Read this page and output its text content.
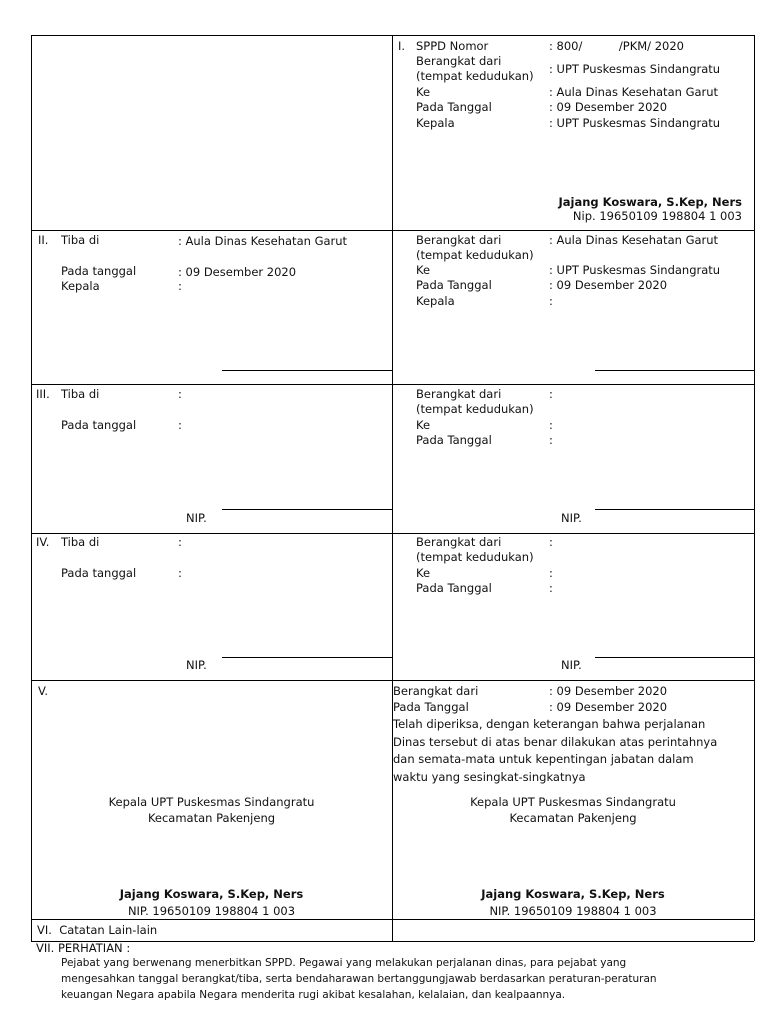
I. SPPD Nomor	: 800/          /PKM/ 2020
Berangkat dari
(tempat kedudukan) : UPT Puskesmas Sindangratu
Ke	: Aula Dinas Kesehatan Garut
Pada Tanggal	: 09 Desember 2020
Kepala	: UPT Puskesmas Sindangratu
Jajang Koswara, S.Kep, Ners
Nip. 19650109 198804 1 003
II. Tiba di	: Aula Dinas Kesehatan Garut
Pada tanggal	: 09 Desember 2020
Kepala	:
Berangkat dari	: Aula Dinas Kesehatan Garut
(tempat kedudukan)
Ke	: UPT Puskesmas Sindangratu
Pada Tanggal	: 09 Desember 2020
Kepala	:
III. Tiba di	:
Pada tanggal	:
NIP.
Berangkat dari	:
(tempat kedudukan)
Ke	:
Pada Tanggal	:
NIP.
IV. Tiba di	:
Pada tanggal	:
NIP.
Berangkat dari	:
(tempat kedudukan)
Ke	:
Pada Tanggal	:
NIP.
V.	Berangkat dari	: 09 Desember 2020
Pada Tanggal	: 09 Desember 2020
Telah diperiksa, dengan keterangan bahwa perjalanan
Dinas tersebut di atas benar dilakukan atas perintahnya
dan semata-mata untuk kepentingan jabatan dalam
waktu yang sesingkat-singkatnya
Kepala UPT Puskesmas Sindangratu
Kecamatan Pakenjeng
Jajang Koswara, S.Kep, Ners
NIP. 19650109 198804 1 003
Kepala UPT Puskesmas Sindangratu
Kecamatan Pakenjeng
Jajang Koswara, S.Kep, Ners
NIP. 19650109 198804 1 003
VI.  Catatan Lain-lain
VII. PERHATIAN :
Pejabat yang berwenang menerbitkan SPPD. Pegawai yang melakukan perjalanan dinas, para pejabat yang
mengesahkan tanggal berangkat/tiba, serta bendaharawan bertanggungjawab berdasarkan peraturan-peraturan
keuangan Negara apabila Negara menderita rugi akibat kesalahan, kelalaian, dan kealpaannya.
